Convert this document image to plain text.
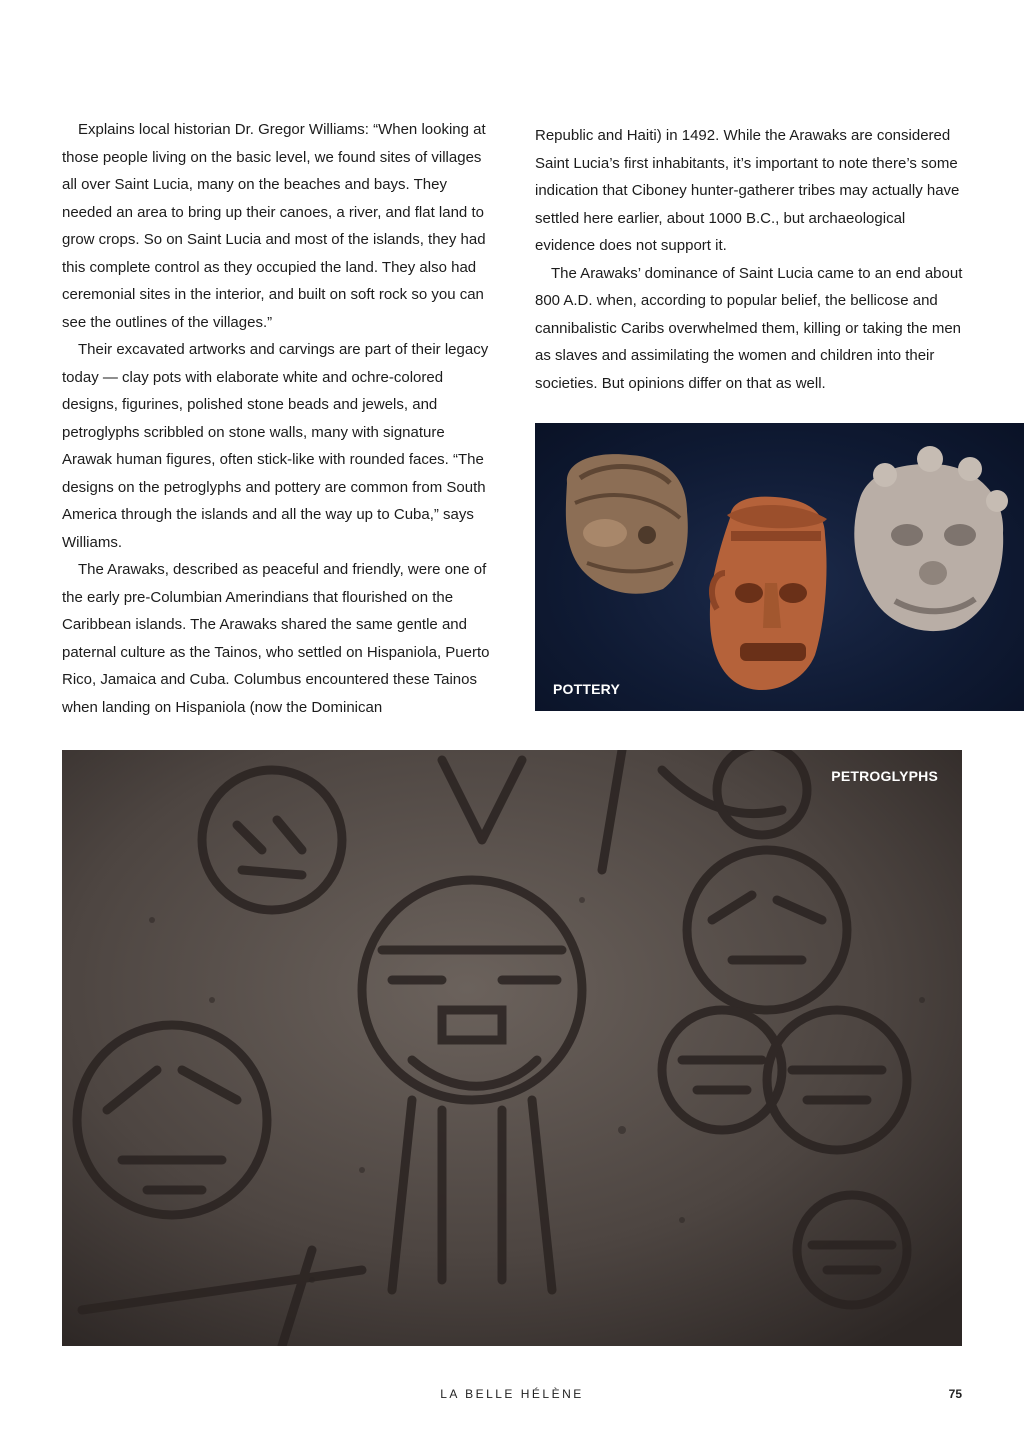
Explains local historian Dr. Gregor Williams: “When looking at those people living on the basic level, we found sites of villages all over Saint Lucia, many on the beaches and bays. They needed an area to bring up their canoes, a river, and flat land to grow crops. So on Saint Lucia and most of the islands, they had this complete control as they occupied the land. They also had ceremonial sites in the interior, and built on soft rock so you can see the outlines of the villages.”

Their excavated artworks and carvings are part of their legacy today — clay pots with elaborate white and ochre-colored designs, figurines, polished stone beads and jewels, and petroglyphs scribbled on stone walls, many with signature Arawak human figures, often stick-like with rounded faces. “The designs on the petroglyphs and pottery are common from South America through the islands and all the way up to Cuba,” says Williams.

The Arawaks, described as peaceful and friendly, were one of the early pre-Columbian Amerindians that flourished on the Caribbean islands. The Arawaks shared the same gentle and paternal culture as the Tainos, who settled on Hispaniola, Puerto Rico, Jamaica and Cuba. Columbus encountered these Tainos when landing on Hispaniola (now the Dominican

Republic and Haiti) in 1492. While the Arawaks are considered Saint Lucia’s first inhabitants, it’s important to note there’s some indication that Ciboney hunter-gatherer tribes may actually have settled here earlier, about 1000 B.C., but archaeological evidence does not support it.

The Arawaks’ dominance of Saint Lucia came to an end about 800 A.D. when, according to popular belief, the bellicose and cannibalistic Caribs overwhelmed them, killing or taking the men as slaves and assimilating the women and children into their societies. But opinions differ on that as well.

POTTERY
PETROGLYPHS
LA BELLE HÉLÈNE	75
